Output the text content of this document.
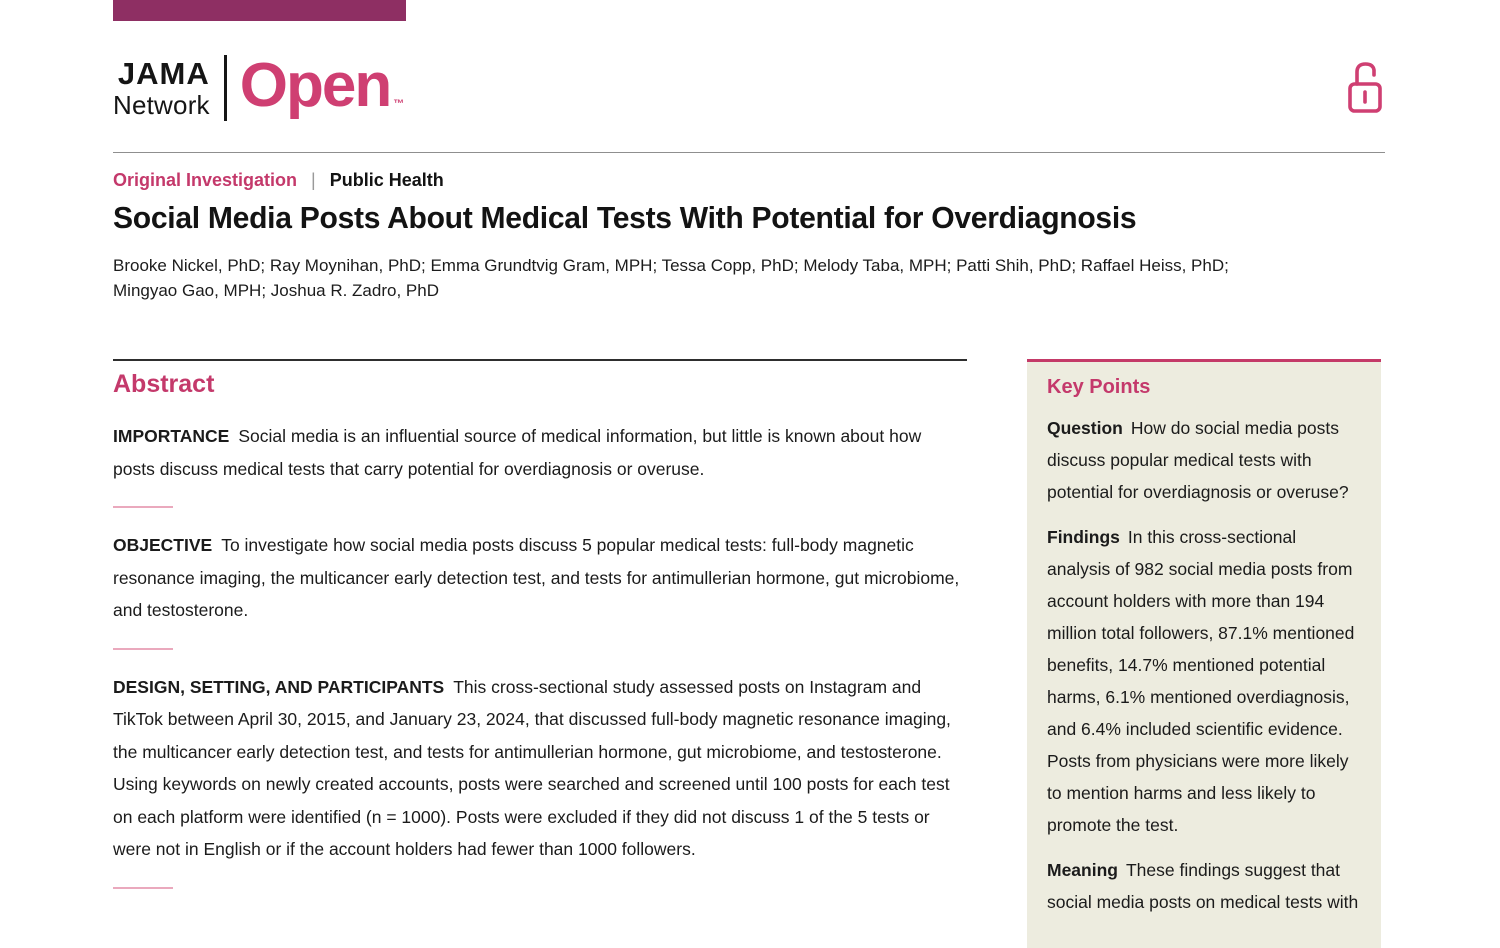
JAMA
Network Open ™
Original Investigation | Public Health
Social Media Posts About Medical Tests With Potential for Overdiagnosis
Brooke Nickel, PhD; Ray Moynihan, PhD; Emma Grundtvig Gram, MPH; Tessa Copp, PhD; Melody Taba, MPH; Patti Shih, PhD; Raffael Heiss, PhD; Mingyao Gao, MPH; Joshua R. Zadro, PhD
Abstract

IMPORTANCE Social media is an influential source of medical information, but little is known about how posts discuss medical tests that carry potential for overdiagnosis or overuse.

OBJECTIVE To investigate how social media posts discuss 5 popular medical tests: full-body magnetic resonance imaging, the multicancer early detection test, and tests for antimullerian hormone, gut microbiome, and testosterone.

DESIGN, SETTING, AND PARTICIPANTS This cross-sectional study assessed posts on Instagram and TikTok between April 30, 2015, and January 23, 2024, that discussed full-body magnetic resonance imaging, the multicancer early detection test, and tests for antimullerian hormone, gut microbiome, and testosterone. Using keywords on newly created accounts, posts were searched and screened until 100 posts for each test on each platform were identified (n = 1000). Posts were excluded if they did not discuss 1 of the 5 tests or were not in English or if the account holders had fewer than 1000 followers.

Key Points

Question How do social media posts discuss popular medical tests with potential for overdiagnosis or overuse?

Findings In this cross-sectional analysis of 982 social media posts from account holders with more than 194 million total followers, 87.1% mentioned benefits, 14.7% mentioned potential harms, 6.1% mentioned overdiagnosis, and 6.4% included scientific evidence. Posts from physicians were more likely to mention harms and less likely to promote the test.

Meaning These findings suggest that social media posts on medical tests with
